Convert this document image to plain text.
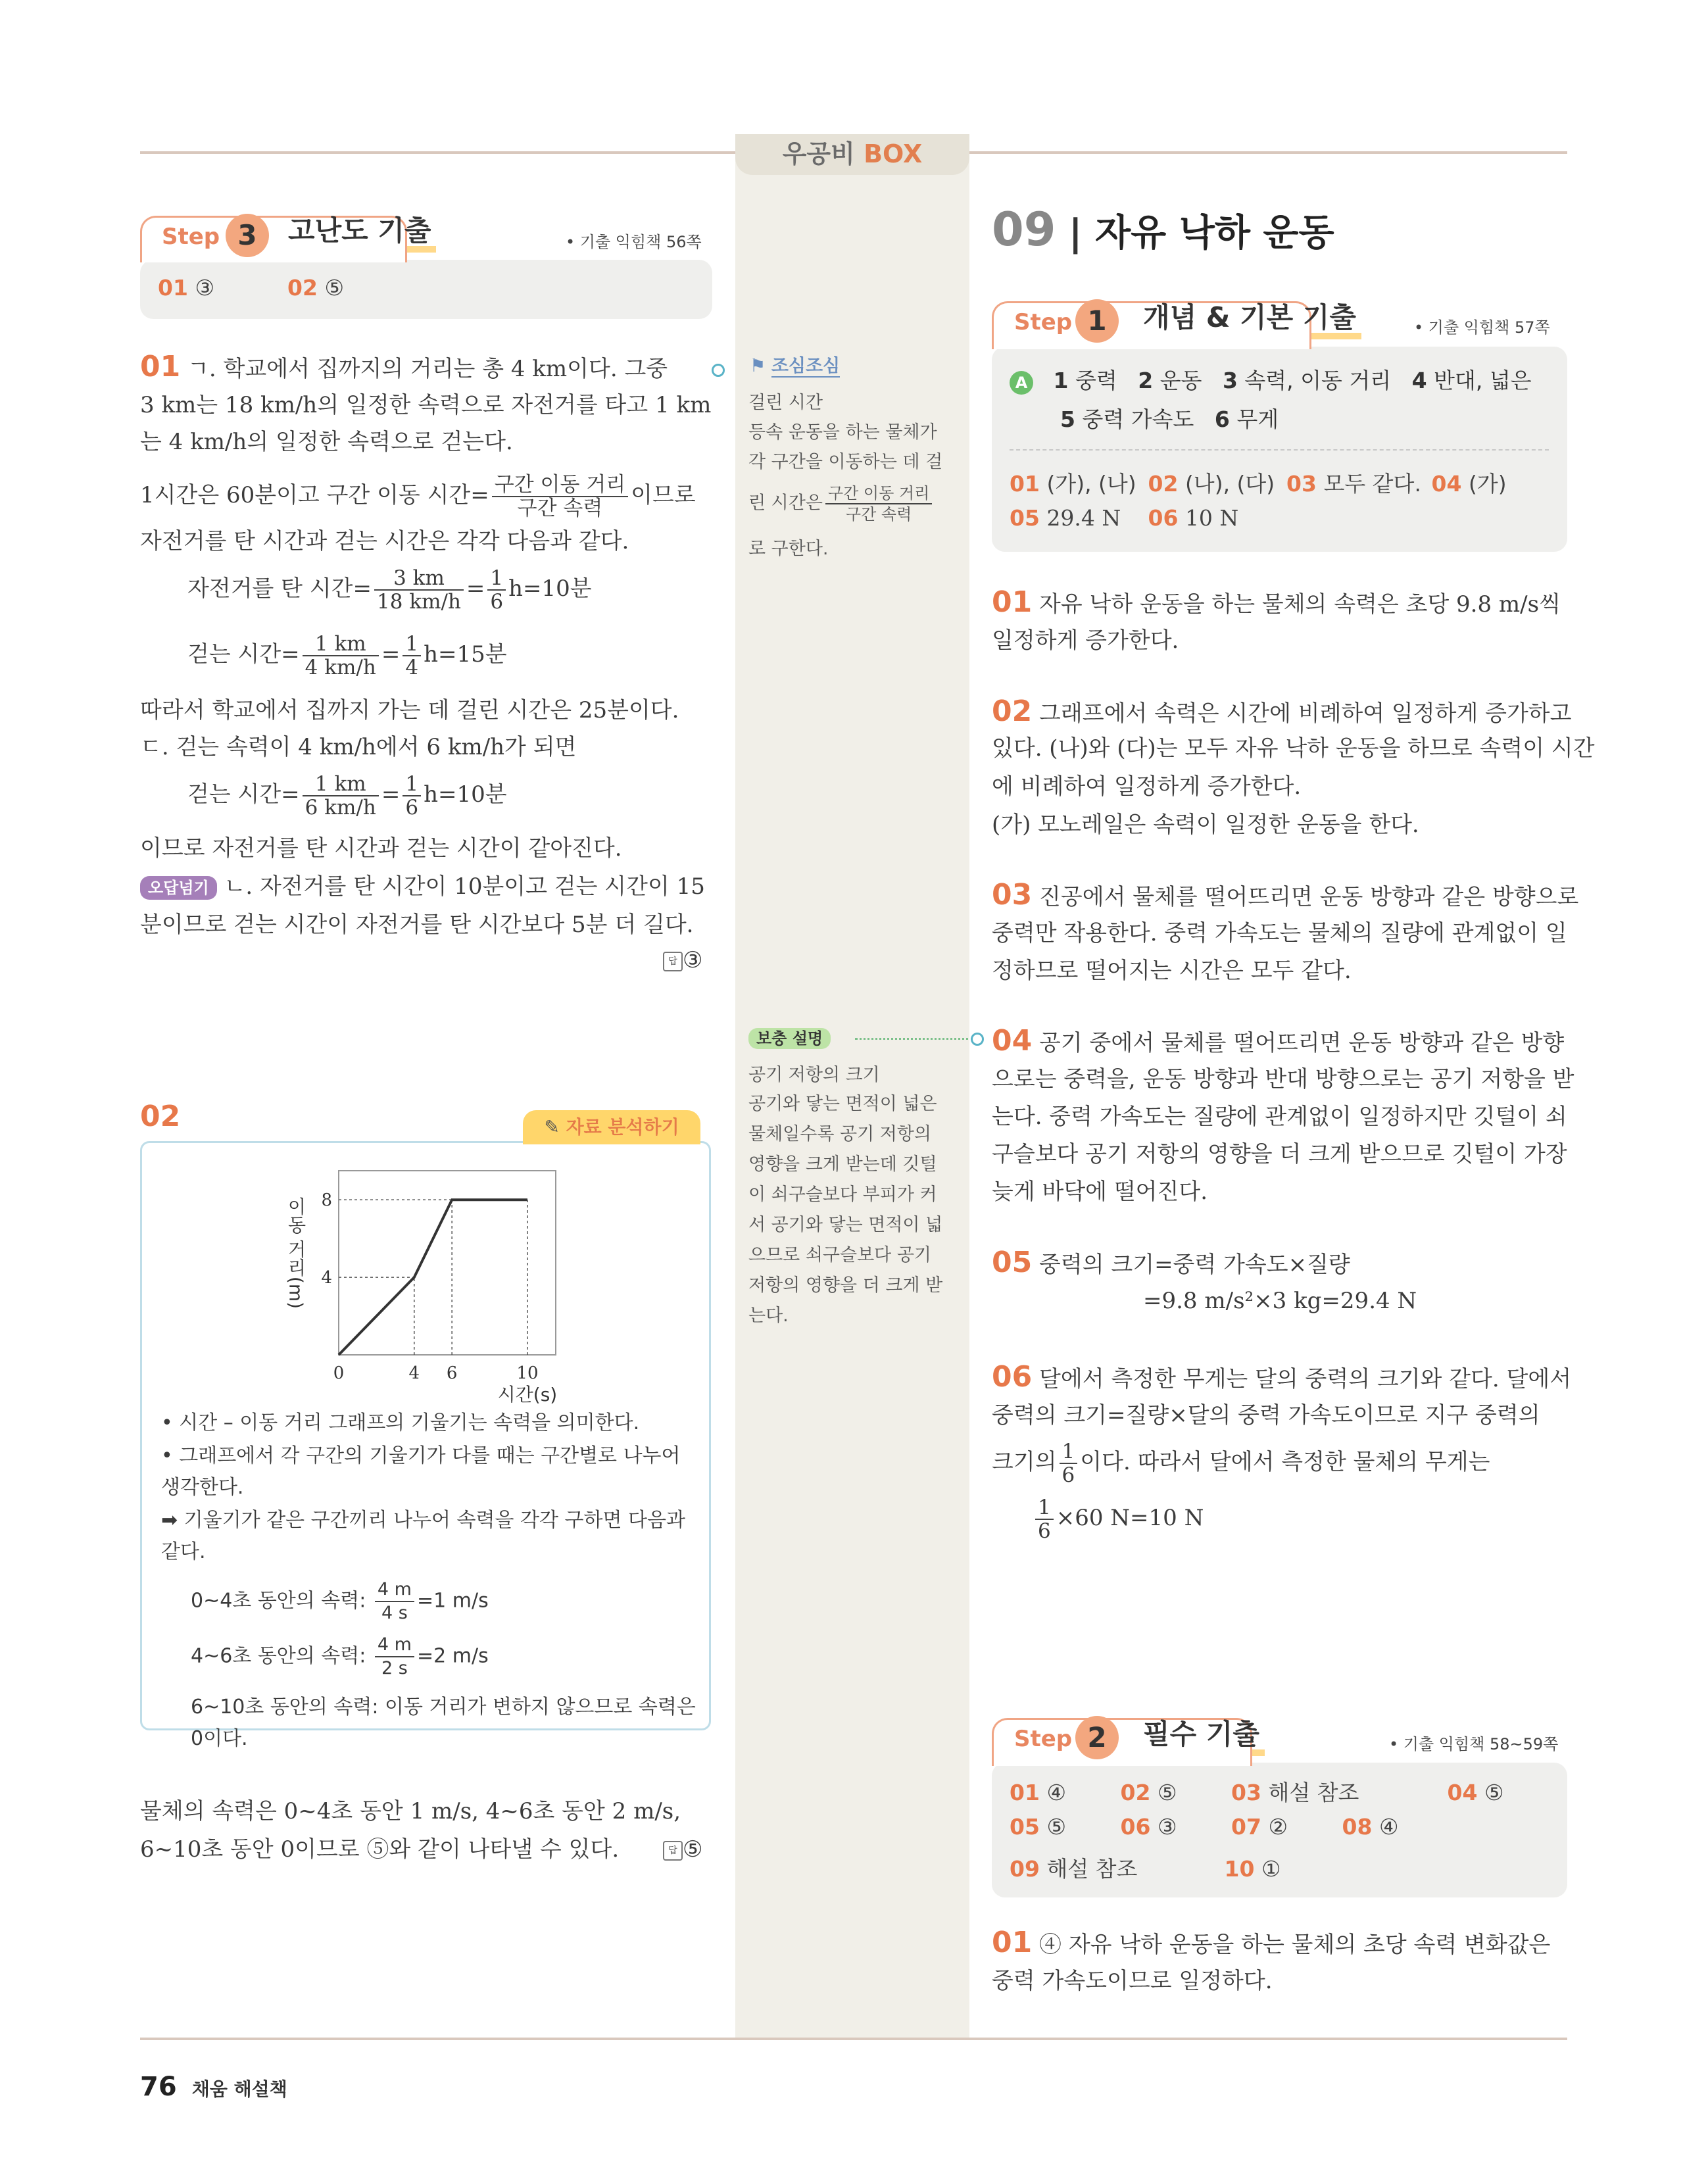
우공비 BOX
Step 3	고난도 기출	• 기출 익힘책 56쪽
01 ③	02 ⑤
01 ㄱ. 학교에서 집까지의 거리는 총 4 km이다. 그중
3 km는 18 km/h의 일정한 속력으로 자전거를 타고 1 km
는 4 km/h의 일정한 속력으로 걷는다.
1시간은 60분이고 구간 이동 시간= $\frac{\text{구간 이동 거리}}{\text{구간 속력}}$ 이므로
자전거를 탄 시간과 걷는 시간은 각각 다음과 같다.
자전거를 탄 시간= $\frac{3 km}{18 km/h} = \frac{1}{6} h=10$분
걷는 시간= $\frac{1 km}{4 km/h} = \frac{1}{4} h=15$분
따라서 학교에서 집까지 가는 데 걸린 시간은 25분이다.
ㄷ. 걷는 속력이 4 km/h에서 6 km/h가 되면
걷는 시간= $\frac{1 km}{6 km/h} = \frac{1}{6} h=10$분
이므로 자전거를 탄 시간과 걷는 시간이 같아진다.
오답넘기 ㄴ. 자전거를 탄 시간이 10분이고 걷는 시간이 15
분이므로 걷는 시간이 자전거를 탄 시간보다 5분 더 길다.
답 ③
02	✎ 자료 분석하기
0	4 6	10
4
8
시간(s)
이동 거리(m)
• 시간 – 이동 거리 그래프의 기울기는 속력을 의미한다.
• 그래프에서 각 구간의 기울기가 다를 때는 구간별로 나누어
생각한다.
➡ 기울기가 같은 구간끼리 나누어 속력을 각각 구하면 다음과
같다.
0~4초 동안의 속력: $\frac{4 m}{4 s} =1$ m/s
4~6초 동안의 속력: $\frac{4 m}{2 s} =2$ m/s
6~10초 동안의 속력: 이동 거리가 변하지 않으므로 속력은
0이다.
물체의 속력은 0~4초 동안 1 m/s, 4~6초 동안 2 m/s,
6~10초 동안 0이므로 ⑤와 같이 나타낼 수 있다.	답 ⑤
⚑ 조심조심
걸린 시간
등속 운동을 하는 물체가
각 구간을 이동하는 데 걸
린 시간은 $\frac{\text{구간 이동 거리}}{\text{구간 속력}}$
로 구한다.
보충 설명
공기 저항의 크기
공기와 닿는 면적이 넓은
물체일수록 공기 저항의
영향을 크게 받는데 깃털
이 쇠구슬보다 부피가 커
서 공기와 닿는 면적이 넓
으므로 쇠구슬보다 공기
저항의 영향을 더 크게 받
는다.
09 | 자유 낙하 운동
Step 1	개념 & 기본 기출	• 기출 익힘책 57쪽
A 1 중력 2 운동 3 속력, 이동 거리 4 반대, 넓은
5 중력 가속도 6 무게
01 (가), (나) 02 (나), (다) 03 모두 같다. 04 (가)
05 29.4 N 06 10 N
01 자유 낙하 운동을 하는 물체의 속력은 초당 9.8 m/s씩
일정하게 증가한다.
02 그래프에서 속력은 시간에 비례하여 일정하게 증가하고
있다. (나)와 (다)는 모두 자유 낙하 운동을 하므로 속력이 시간
에 비례하여 일정하게 증가한다.
(가) 모노레일은 속력이 일정한 운동을 한다.
03 진공에서 물체를 떨어뜨리면 운동 방향과 같은 방향으로
중력만 작용한다. 중력 가속도는 물체의 질량에 관계없이 일
정하므로 떨어지는 시간은 모두 같다.
04 공기 중에서 물체를 떨어뜨리면 운동 방향과 같은 방향
으로는 중력을, 운동 방향과 반대 방향으로는 공기 저항을 받
는다. 중력 가속도는 질량에 관계없이 일정하지만 깃털이 쇠
구슬보다 공기 저항의 영향을 더 크게 받으므로 깃털이 가장
늦게 바닥에 떨어진다.
05 중력의 크기=중력 가속도×질량
=9.8 m/s²×3 kg=29.4 N
06 달에서 측정한 무게는 달의 중력의 크기와 같다. 달에서
중력의 크기=질량×달의 중력 가속도이므로 지구 중력의
크기의 $\frac{1}{6}$ 이다. 따라서 달에서 측정한 물체의 무게는
$\frac{1}{6} \times 60$ N=10 N
Step 2	필수 기출	• 기출 익힘책 58~59쪽
01 ④ 02 ⑤ 03 해설 참조	04 ⑤
05 ⑤ 06 ③ 07 ② 08 ④
09 해설 참조	10 ①
01 ④ 자유 낙하 운동을 하는 물체의 초당 속력 변화값은
중력 가속도이므로 일정하다.
76 채움 해설책
